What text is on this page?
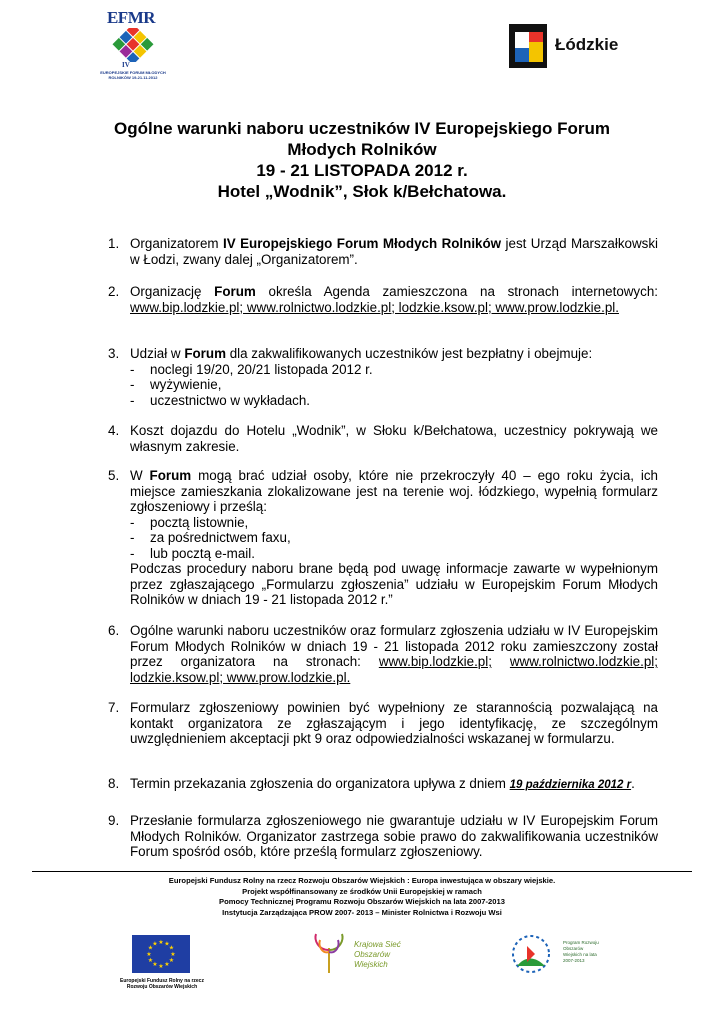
EFMR
IV
EUROPEJSKIE FORUM MŁODYCH ROLNIKÓW 19-21.11.2012
Łódzkie
Ogólne warunki naboru uczestników IV Europejskiego Forum
Młodych Rolników
19 - 21 LISTOPADA 2012 r.
Hotel „Wodnik”, Słok k/Bełchatowa.
1. Organizatorem IV Europejskiego Forum Młodych Rolników jest Urząd Marszałkowski w Łodzi, zwany dalej „Organizatorem”.
2. Organizację Forum określa Agenda zamieszczona na stronach internetowych: www.bip.lodzkie.pl; www.rolnictwo.lodzkie.pl; lodzkie.ksow.pl; www.prow.lodzkie.pl.
3. Udział w Forum dla zakwalifikowanych uczestników jest bezpłatny i obejmuje:

-	noclegi 19/20, 20/21 listopada 2012 r.
-	wyżywienie,
-	uczestnictwo w wykładach.
4. Koszt dojazdu do Hotelu „Wodnik”, w Słoku k/Bełchatowa, uczestnicy pokrywają we własnym zakresie.
5. W Forum mogą brać udział osoby, które nie przekroczyły 40 – ego roku życia, ich miejsce zamieszkania zlokalizowane jest na terenie woj. łódzkiego, wypełnią formularz zgłoszeniowy i prześlą:

-	pocztą listownie,
-	za pośrednictwem faxu,
-	lub pocztą e-mail.

Podczas procedury naboru brane będą pod uwagę informacje zawarte w wypełnionym przez zgłaszającego „Formularzu zgłoszenia” udziału w Europejskim Forum Młodych Rolników w dniach 19 - 21 listopada 2012 r.”

6. Ogólne warunki naboru uczestników oraz formularz zgłoszenia udziału w IV Europejskim Forum Młodych Rolników w dniach 19 - 21 listopada 2012 roku zamieszczony został przez organizatora na stronach: www.bip.lodzkie.pl; www.rolnictwo.lodzkie.pl; lodzkie.ksow.pl; www.prow.lodzkie.pl.
7. Formularz zgłoszeniowy powinien być wypełniony ze starannością pozwalającą na kontakt organizatora ze zgłaszającym i jego identyfikację, ze szczególnym uwzględnieniem akceptacji pkt 9 oraz odpowiedzialności wskazanej w formularzu.
8. Termin przekazania zgłoszenia do organizatora upływa z dniem 19 października 2012 r.
9. Przesłanie formularza zgłoszeniowego nie gwarantuje udziału w IV Europejskim Forum Młodych Rolników. Organizator zastrzega sobie prawo do zakwalifikowania uczestników Forum spośród osób, które prześlą formularz zgłoszeniowy.
Europejski Fundusz Rolny na rzecz Rozwoju Obszarów Wiejskich : Europa inwestująca w obszary wiejskie.
Projekt współfinansowany ze środków Unii Europejskiej w ramach
Pomocy Technicznej Programu Rozwoju Obszarów Wiejskich na lata 2007-2013
Instytucja Zarządzająca PROW 2007- 2013 – Minister Rolnictwa i Rozwoju Wsi
★ ★
★
★
★
★
★
★
★
★
★
★
Europejski Fundusz Rolny na rzecz Rozwoju Obszarów Wiejskich
Krajowa Sieć Obszarów Wiejskich
Program Rozwoju Obszarów Wiejskich na lata 2007-2013
